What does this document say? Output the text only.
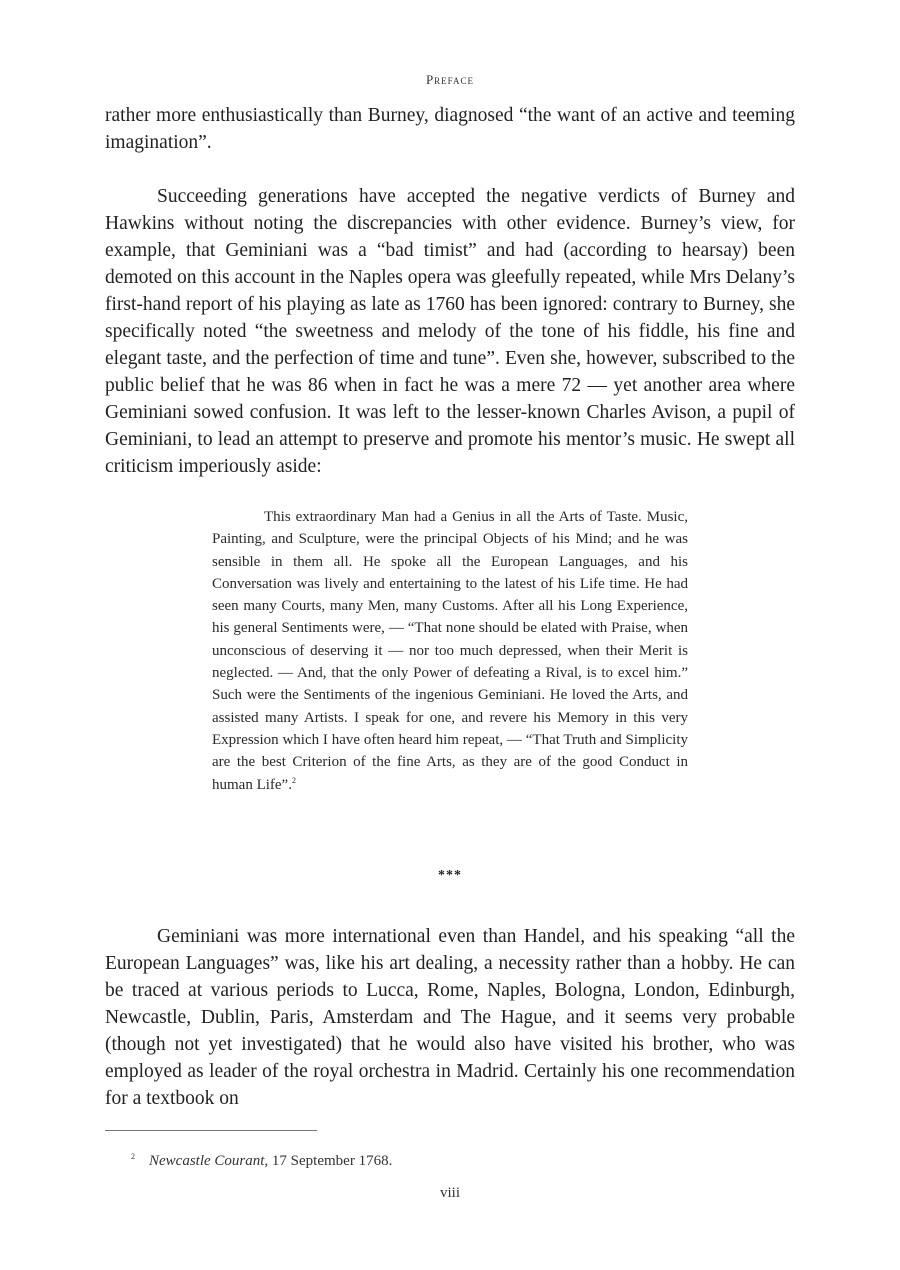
Preface

rather more enthusiastically than Burney, diagnosed “the want of an active and teeming imagination”.

Succeeding generations have accepted the negative verdicts of Burney and Hawkins without noting the discrepancies with other evidence. Burney’s view, for example, that Geminiani was a “bad timist” and had (according to hearsay) been demoted on this account in the Naples opera was gleefully repeated, while Mrs Delany’s first-hand report of his playing as late as 1760 has been ignored: contrary to Burney, she specifically noted “the sweetness and melody of the tone of his fiddle, his fine and elegant taste, and the perfection of time and tune”. Even she, however, subscribed to the public belief that he was 86 when in fact he was a mere 72 — yet another area where Geminiani sowed confusion. It was left to the lesser-known Charles Avison, a pupil of Geminiani, to lead an attempt to preserve and promote his mentor’s music. He swept all criticism imperiously aside:

This extraordinary Man had a Genius in all the Arts of Taste. Music, Painting, and Sculpture, were the principal Objects of his Mind; and he was sensible in them all. He spoke all the European Languages, and his Conversation was lively and entertaining to the latest of his Life time. He had seen many Courts, many Men, many Customs. After all his Long Experience, his general Sentiments were, — “That none should be elated with Praise, when unconscious of deserving it — nor too much depressed, when their Merit is neglected. — And, that the only Power of defeating a Rival, is to excel him.” Such were the Sentiments of the ingenious Geminiani. He loved the Arts, and assisted many Artists. I speak for one, and revere his Memory in this very Expression which I have often heard him repeat, — “That Truth and Simplicity are the best Criterion of the fine Arts, as they are of the good Conduct in human Life”.$^2$

***

Geminiani was more international even than Handel, and his speaking “all the European Languages” was, like his art dealing, a necessity rather than a hobby. He can be traced at various periods to Lucca, Rome, Naples, Bologna, London, Edinburgh, Newcastle, Dublin, Paris, Amsterdam and The Hague, and it seems very probable (though not yet investigated) that he would also have visited his brother, who was employed as leader of the royal orchestra in Madrid. Certainly his one recommendation for a textbook on

$^2$ Newcastle Courant, 17 September 1768.
viii
